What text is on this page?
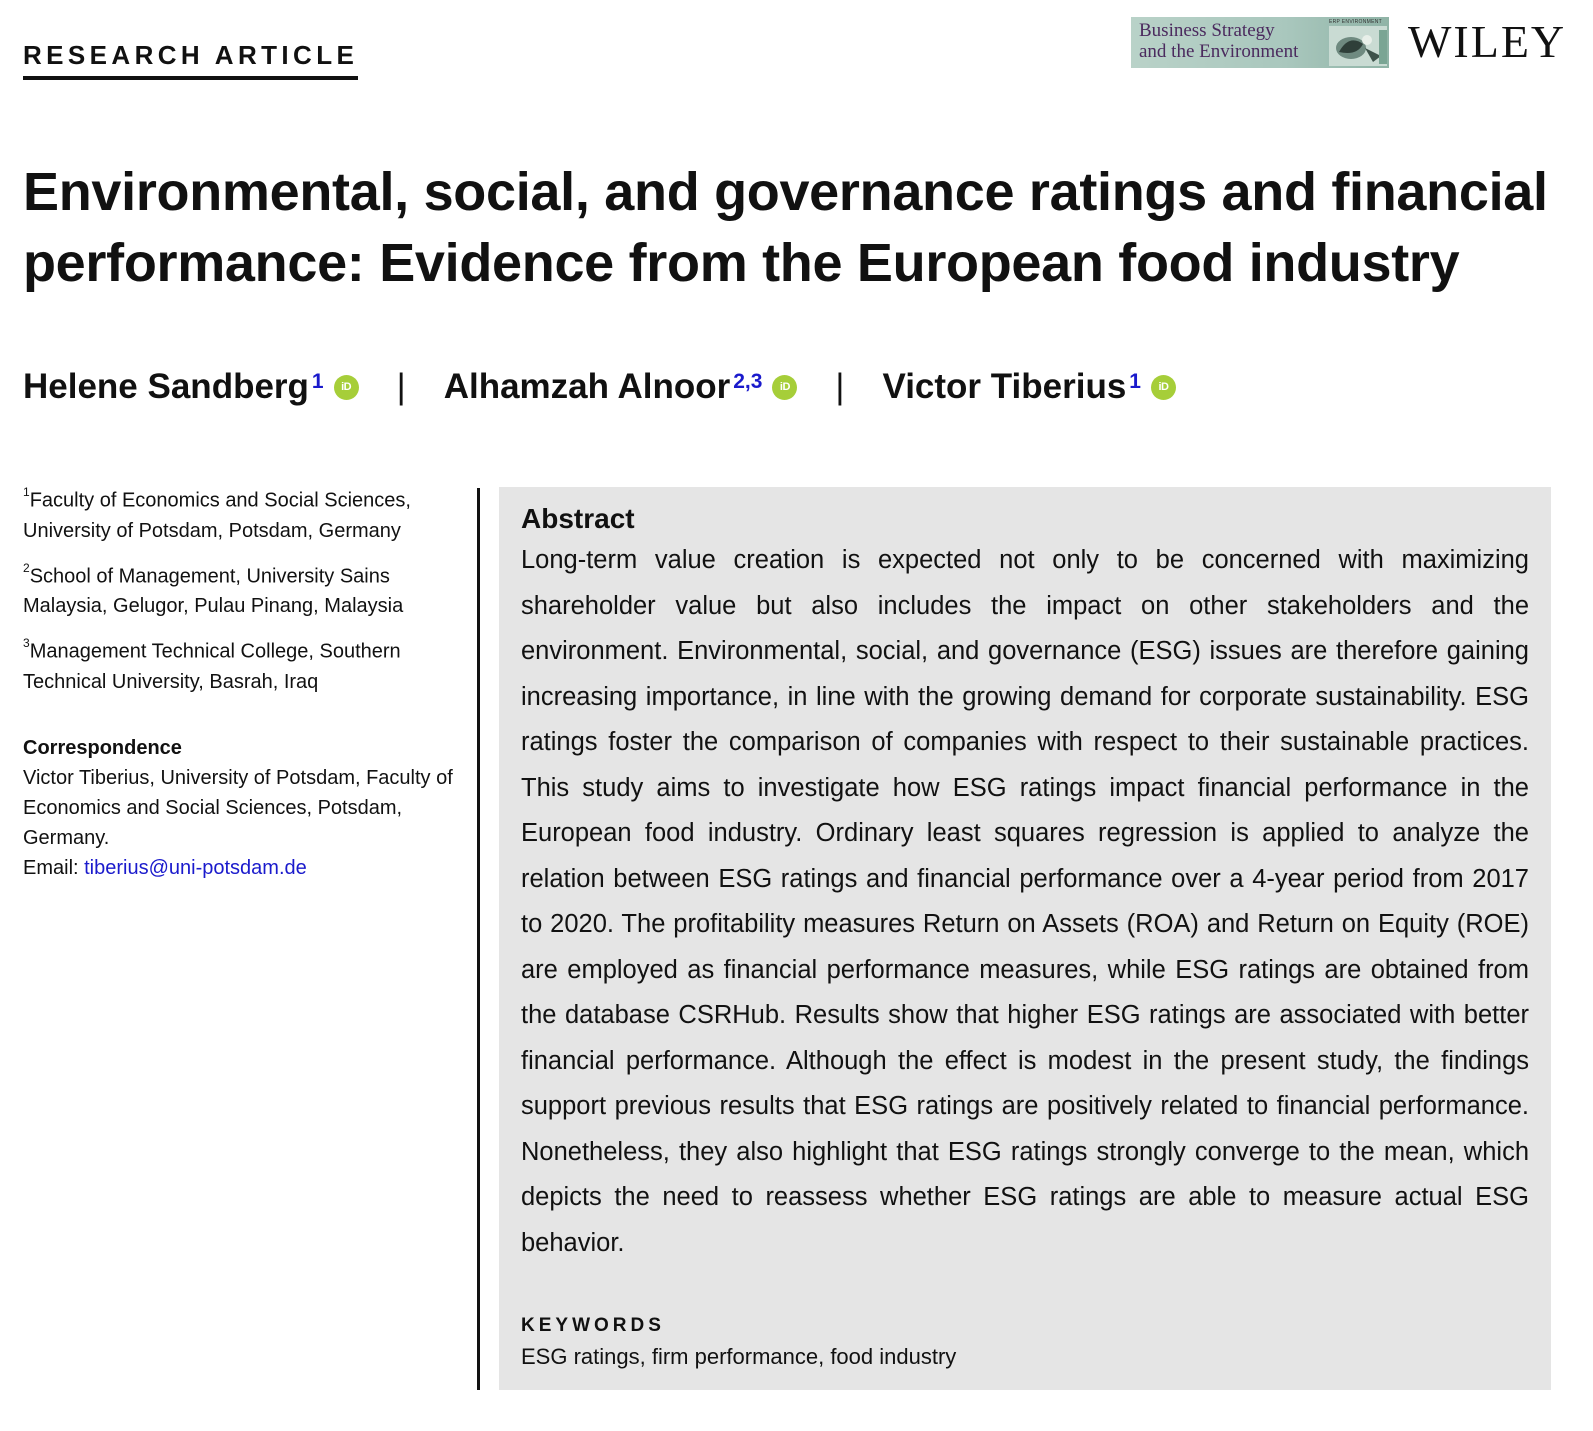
RESEARCH ARTICLE
Business Strategy
and the Environment
ERP ENVIRONMENT WILEY
Environmental, social, and governance ratings and financial performance: Evidence from the European food industry
Helene Sandberg$^1$	iD | Alhamzah Alnoor$^{2,3}$	iD | Victor Tiberius$^1$	iD
$^1$Faculty of Economics and Social Sciences, University of Potsdam, Potsdam, Germany
$^2$School of Management, University Sains Malaysia, Gelugor, Pulau Pinang, Malaysia
$^3$Management Technical College, Southern Technical University, Basrah, Iraq
Correspondence
Victor Tiberius, University of Potsdam, Faculty of Economics and Social Sciences, Potsdam, Germany.
Email: tiberius@uni-potsdam.de
Abstract

Long-term value creation is expected not only to be concerned with maximizing shareholder value but also includes the impact on other stakeholders and the environment. Environmental, social, and governance (ESG) issues are therefore gaining increasing importance, in line with the growing demand for corporate sustainability. ESG ratings foster the comparison of companies with respect to their sustainable practices. This study aims to investigate how ESG ratings impact financial performance in the European food industry. Ordinary least squares regression is applied to analyze the relation between ESG ratings and financial performance over a 4-year period from 2017 to 2020. The profitability measures Return on Assets (ROA) and Return on Equity (ROE) are employed as financial performance measures, while ESG ratings are obtained from the database CSRHub. Results show that higher ESG ratings are associated with better financial performance. Although the effect is modest in the present study, the findings support previous results that ESG ratings are positively related to financial performance. Nonetheless, they also highlight that ESG ratings strongly converge to the mean, which depicts the need to reassess whether ESG ratings are able to measure actual ESG behavior.

KEYWORDS
ESG ratings, firm performance, food industry
